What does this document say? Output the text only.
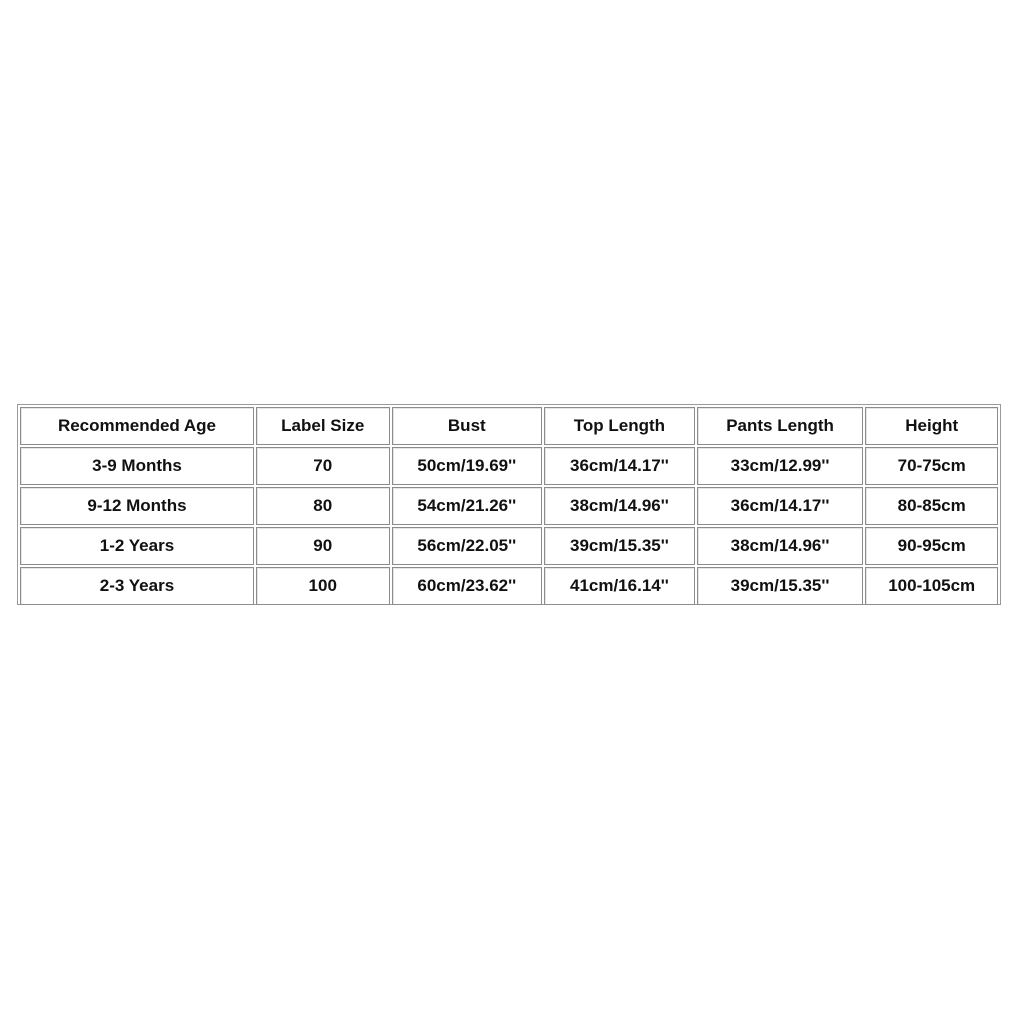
Recommended Age	Label Size	Bust	Top Length	Pants Length	Height
3-9 Months	70	50cm/19.69''	36cm/14.17''	33cm/12.99''	70-75cm
9-12 Months	80	54cm/21.26''	38cm/14.96''	36cm/14.17''	80-85cm
1-2 Years	90	56cm/22.05''	39cm/15.35''	38cm/14.96''	90-95cm
2-3 Years	100	60cm/23.62''	41cm/16.14''	39cm/15.35''	100-105cm
